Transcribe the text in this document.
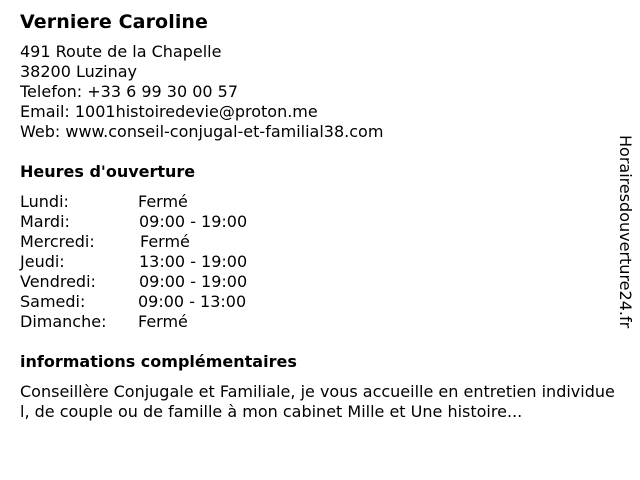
Verniere Caroline
491 Route de la Chapelle
38200 Luzinay
Telefon: +33 6 99 30 00 57
Email: 1001histoiredevie@proton.me
Web: www.conseil-conjugal-et-familial38.com
Heures d'ouverture
Lundi:	Fermé
Mardi:	09:00 - 19:00
Mercredi:	Fermé
Jeudi:	13:00 - 19:00
Vendredi:	09:00 - 19:00
Samedi:	09:00 - 13:00
Dimanche: Fermé
informations complémentaires
Conseillère Conjugale et Familiale, je vous accueille en entretien individuel, de couple ou de famille à mon cabinet Mille et Une histoire...
Horairesdouverture24.fr
